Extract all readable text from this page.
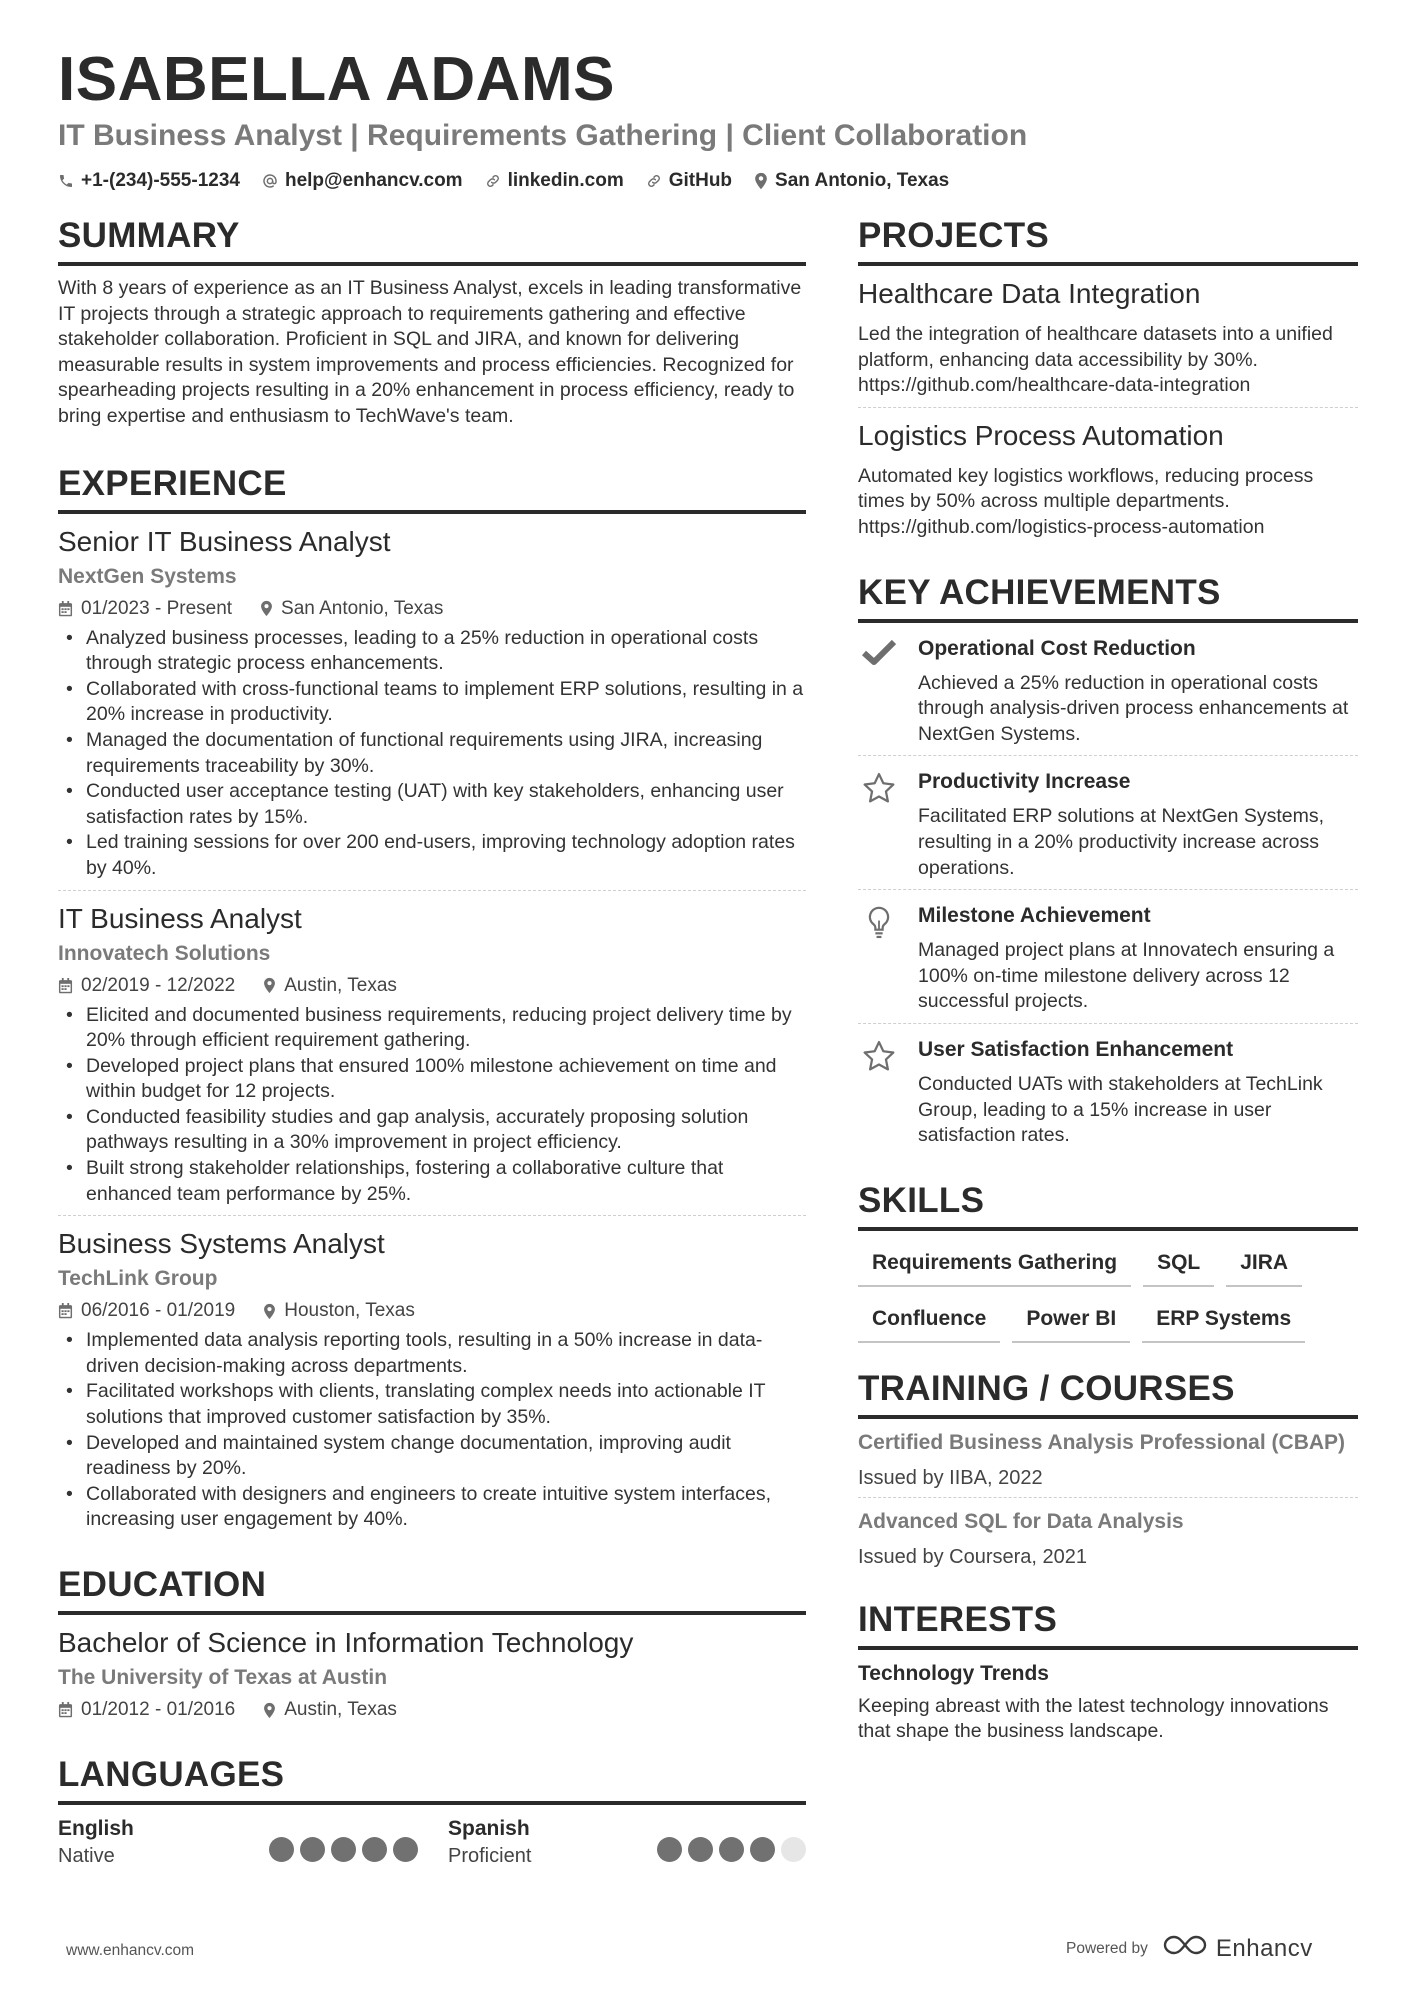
ISABELLA ADAMS
IT Business Analyst | Requirements Gathering | Client Collaboration
+1-(234)-555-1234 help@enhancv.com linkedin.com GitHub San Antonio, Texas
SUMMARY
With 8 years of experience as an IT Business Analyst, excels in leading transformative IT projects through a strategic approach to requirements gathering and effective stakeholder collaboration. Proficient in SQL and JIRA, and known for delivering measurable results in system improvements and process efficiencies. Recognized for spearheading projects resulting in a 20% enhancement in process efficiency, ready to bring expertise and enthusiasm to TechWave's team.
EXPERIENCE
Senior IT Business Analyst
NextGen Systems
01/2023 - Present	San Antonio, Texas
• Analyzed business processes, leading to a 25% reduction in operational costs through strategic process enhancements.
• Collaborated with cross-functional teams to implement ERP solutions, resulting in a 20% increase in productivity.
• Managed the documentation of functional requirements using JIRA, increasing requirements traceability by 30%.
• Conducted user acceptance testing (UAT) with key stakeholders, enhancing user satisfaction rates by 15%.
• Led training sessions for over 200 end-users, improving technology adoption rates by 40%.
IT Business Analyst
Innovatech Solutions
02/2019 - 12/2022	Austin, Texas
• Elicited and documented business requirements, reducing project delivery time by 20% through efficient requirement gathering.
• Developed project plans that ensured 100% milestone achievement on time and within budget for 12 projects.
• Conducted feasibility studies and gap analysis, accurately proposing solution pathways resulting in a 30% improvement in project efficiency.
• Built strong stakeholder relationships, fostering a collaborative culture that enhanced team performance by 25%.
Business Systems Analyst
TechLink Group
06/2016 - 01/2019	Houston, Texas
• Implemented data analysis reporting tools, resulting in a 50% increase in data-driven decision-making across departments.
• Facilitated workshops with clients, translating complex needs into actionable IT solutions that improved customer satisfaction by 35%.
• Developed and maintained system change documentation, improving audit readiness by 20%.
• Collaborated with designers and engineers to create intuitive system interfaces, increasing user engagement by 40%.
EDUCATION
Bachelor of Science in Information Technology
The University of Texas at Austin
01/2012 - 01/2016	Austin, Texas
LANGUAGES
English
Native
Spanish
Proficient
PROJECTS
Healthcare Data Integration
Led the integration of healthcare datasets into a unified platform, enhancing data accessibility by 30%. https://github.com/healthcare-data-integration
Logistics Process Automation
Automated key logistics workflows, reducing process times by 50% across multiple departments. https://github.com/logistics-process-automation
KEY ACHIEVEMENTS
Operational Cost Reduction
Achieved a 25% reduction in operational costs through analysis-driven process enhancements at NextGen Systems.
Productivity Increase
Facilitated ERP solutions at NextGen Systems, resulting in a 20% productivity increase across operations.
Milestone Achievement
Managed project plans at Innovatech ensuring a 100% on-time milestone delivery across 12 successful projects.
User Satisfaction Enhancement
Conducted UATs with stakeholders at TechLink Group, leading to a 15% increase in user satisfaction rates.
SKILLS
Requirements Gathering	SQL	JIRA
Confluence	Power BI	ERP Systems
TRAINING / COURSES
Certified Business Analysis Professional (CBAP)
Issued by IIBA, 2022
Advanced SQL for Data Analysis
Issued by Coursera, 2021
INTERESTS
Technology Trends
Keeping abreast with the latest technology innovations that shape the business landscape.
www.enhancv.com	Powered by	Enhancv
